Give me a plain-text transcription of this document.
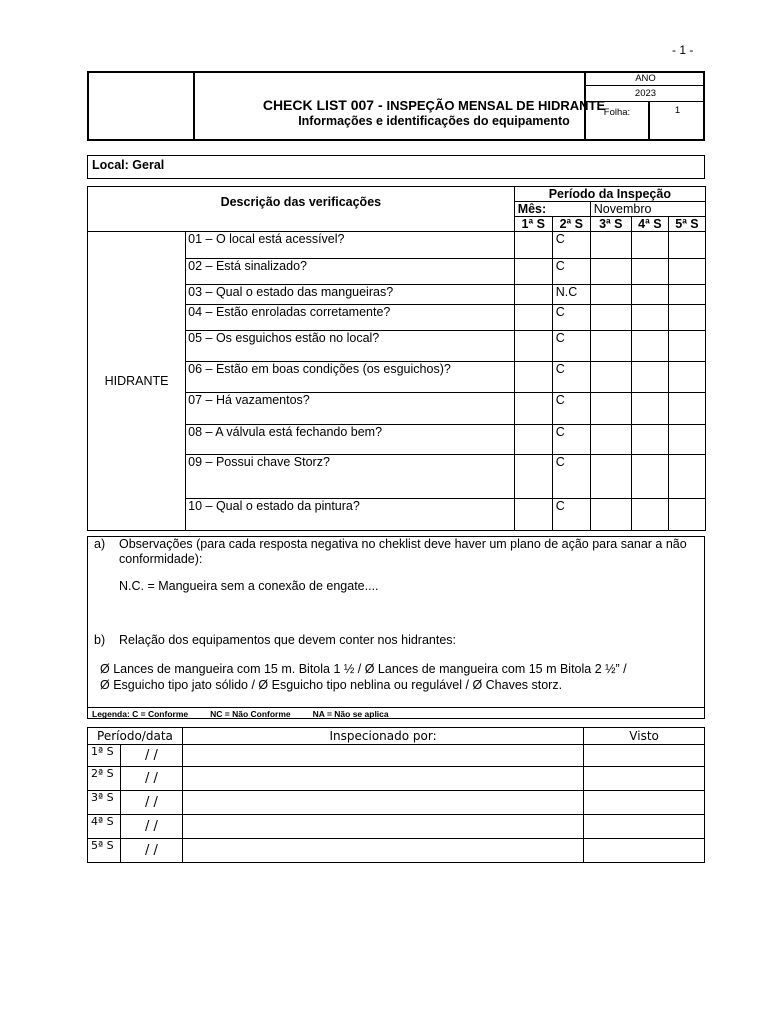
- 1 -
CHECK LIST 007 - INSPEÇÃO MENSAL DE HIDRANTE
Informações e identificações do equipamento
ANO
2023
Folha:	1
Local: Geral
Descrição das verificações		Período da Inspeção				
		Mês:		Novembro		
		1ª S	2ª S	3ª S	4ª S	5ª S
HIDRANTE	01 – O local está acessível?		C			
	02 – Está sinalizado?		C			
	03 – Qual o estado das mangueiras?		N.C			
	04 – Estão enroladas corretamente?		C			
	05 – Os esguichos estão no local?		C			
	06 – Estão em boas condições (os esguichos)?		C			
	07 – Há vazamentos?		C			
	08 – A válvula está fechando bem?		C			
	09 – Possui chave Storz?		C			
	10 – Qual o estado da pintura?		C			
a) Observações (para cada resposta negativa no cheklist deve haver um plano de ação para sanar a não conformidade):
N.C. = Mangueira sem a conexão de engate....
b) Relação dos equipamentos que devem conter nos hidrantes:
Ø Lances de mangueira com 15 m. Bitola 1 ½ / Ø Lances de mangueira com 15 m Bitola 2 ½” /
Ø Esguicho tipo jato sólido / Ø Esguicho tipo neblina ou regulável / Ø Chaves storz.
Legenda: C = Conforme	NC = Não Conforme	NA = Não se aplica
Período/data		Inspecionado por:	Visto
1ª S	/ /		
2ª S	/ /		
3ª S	/ /		
4ª S	/ /		
5ª S	/ /		
